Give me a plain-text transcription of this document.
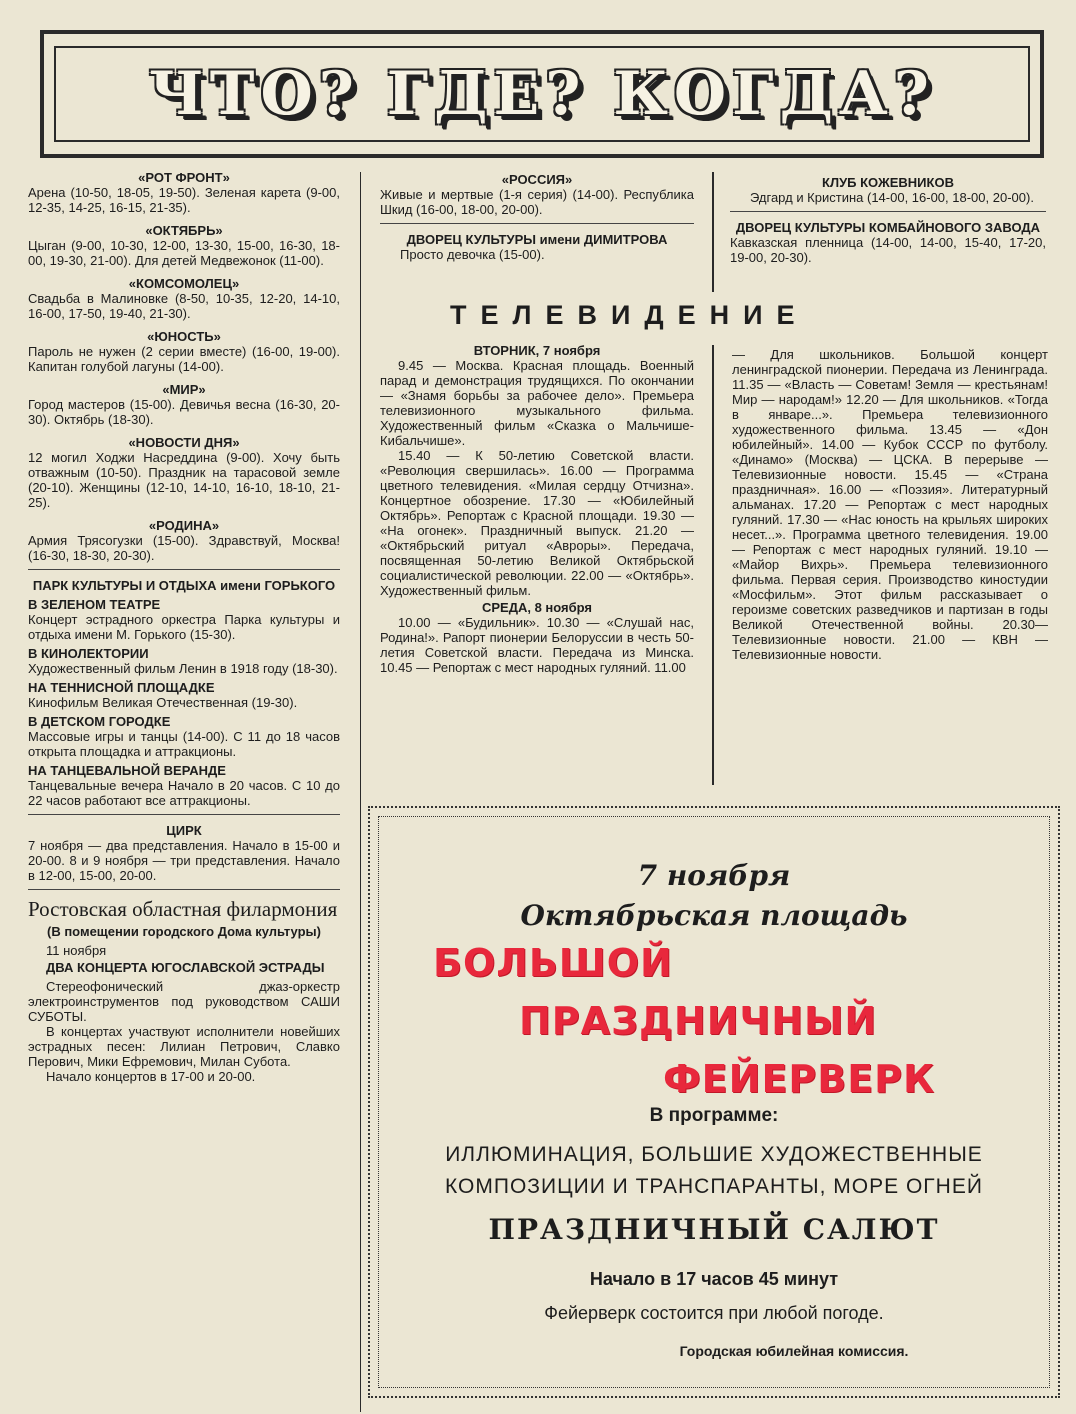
ЧТО? ГДЕ? КОГДА?

«РОТ ФРОНТ»

Арена (10-50, 18-05, 19-50). Зеленая карета (9-00, 12-35, 14-25, 16-15, 21-35).

«ОКТЯБРЬ»

Цыган (9-00, 10-30, 12-00, 13-30, 15-00, 16-30, 18-00, 19-30, 21-00). Для детей Медвежонок (11-00).

«КОМСОМОЛЕЦ»

Свадьба в Малиновке (8-50, 10-35, 12-20, 14-10, 16-00, 17-50, 19-40, 21-30).

«ЮНОСТЬ»

Пароль не нужен (2 серии вместе) (16-00, 19-00). Капитан голубой лагуны (14-00).

«МИР»

Город мастеров (15-00). Девичья весна (16-30, 20-30). Октябрь (18-30).

«НОВОСТИ ДНЯ»

12 могил Ходжи Насреддина (9-00). Хочу быть отважным (10-50). Праздник на тарасовой земле (20-10). Женщины (12-10, 14-10, 16-10, 18-10, 21-25).

«РОДИНА»

Армия Трясогузки (15-00). Здравствуй, Москва! (16-30, 18-30, 20-30).

ПАРК КУЛЬТУРЫ И ОТДЫХА имени ГОРЬКОГО

В ЗЕЛЕНОМ ТЕАТРЕ

Концерт эстрадного оркестра Парка культуры и отдыха имени М. Горького (15-30).

В КИНОЛЕКТОРИИ

Художественный фильм Ленин в 1918 году (18-30).

НА ТЕННИСНОЙ ПЛОЩАДКЕ

Кинофильм Великая Отечественная (19-30).

В ДЕТСКОМ ГОРОДКЕ

Массовые игры и танцы (14-00). С 11 до 18 часов открыта площадка и аттракционы.

НА ТАНЦЕВАЛЬНОЙ ВЕРАНДЕ

Танцевальные вечера Начало в 20 часов. С 10 до 22 часов работают все аттракционы.

ЦИРК

7 ноября — два представления. Начало в 15-00 и 20-00. 8 и 9 ноября — три представления. Начало в 12-00, 15-00, 20-00.

Ростовская областная филармония

(В помещении городского Дома культуры)

11 ноября

ДВА КОНЦЕРТА ЮГОСЛАВСКОЙ ЭСТРАДЫ

Стереофонический джаз-оркестр электроинструментов под руководством САШИ СУБОТЫ.

В концертах участвуют исполнители новейших эстрадных песен: Лилиан Петрович, Славко Перович, Мики Ефремович, Милан Субота.

Начало концертов в 17-00 и 20-00.

«РОССИЯ»

Живые и мертвые (1-я серия) (14-00). Республика Шкид (16-00, 18-00, 20-00).

ДВОРЕЦ КУЛЬТУРЫ имени ДИМИТРОВА

Просто девочка (15-00).

КЛУБ КОЖЕВНИКОВ

Эдгард и Кристина (14-00, 16-00, 18-00, 20-00).

ДВОРЕЦ КУЛЬТУРЫ КОМБАЙНОВОГО ЗАВОДА

Кавказская пленница (14-00, 14-00, 15-40, 17-20, 19-00, 20-30).

ТЕЛЕВИДЕНИЕ

ВТОРНИК, 7 ноября

9.45 — Москва. Красная площадь. Военный парад и демонстрация трудящихся. По окончании — «Знамя борьбы за рабочее дело». Премьера телевизионного музыкального фильма. Художественный фильм «Сказка о Мальчише-Кибальчише».

15.40 — К 50-летию Советской власти. «Революция свершилась». 16.00 — Программа цветного телевидения. «Милая сердцу Отчизна». Концертное обозрение. 17.30 — «Юбилейный Октябрь». Репортаж с Красной площади. 19.30 — «На огонек». Праздничный выпуск. 21.20 — «Октябрьский ритуал «Авроры». Передача, посвященная 50-летию Великой Октябрьской социалистической революции. 22.00 — «Октябрь». Художественный фильм.

СРЕДА, 8 ноября

10.00 — «Будильник». 10.30 — «Слушай нас, Родина!». Рапорт пионерии Белоруссии в честь 50-летия Советской власти. Передача из Минска. 10.45 — Репортаж с мест народных гуляний. 11.00

— Для школьников. Большой концерт ленинградской пионерии. Передача из Ленинграда. 11.35 — «Власть — Советам! Земля — крестьянам! Мир — народам!» 12.20 — Для школьников. «Тогда в январе...». Премьера телевизионного художественного фильма. 13.45 — «Дон юбилейный». 14.00 — Кубок СССР по футболу. «Динамо» (Москва) — ЦСКА. В перерыве — Телевизионные новости. 15.45 — «Страна праздничная». 16.00 — «Поэзия». Литературный альманах. 17.20 — Репортаж с мест народных гуляний. 17.30 — «Нас юность на крыльях широких несет...». Программа цветного телевидения. 19.00 — Репортаж с мест народных гуляний. 19.10 — «Майор Вихрь». Премьера телевизионного фильма. Первая серия. Производство киностудии «Мосфильм». Этот фильм рассказывает о героизме советских разведчиков и партизан в годы Великой Отечественной войны. 20.30—Телевизионные новости. 21.00 — КВН — Телевизионные новости.

7 ноября
Октябрьская площадь
БОЛЬШОЙ
ПРАЗДНИЧНЫЙ
ФЕЙЕРВЕРК
В программе:
ИЛЛЮМИНАЦИЯ, БОЛЬШИЕ ХУДОЖЕСТВЕННЫЕ
КОМПОЗИЦИИ И ТРАНСПАРАНТЫ, МОРЕ ОГНЕЙ
ПРАЗДНИЧНЫЙ САЛЮТ
Начало в 17 часов 45 минут
Фейерверк состоится при любой погоде.
Городская юбилейная комиссия.
